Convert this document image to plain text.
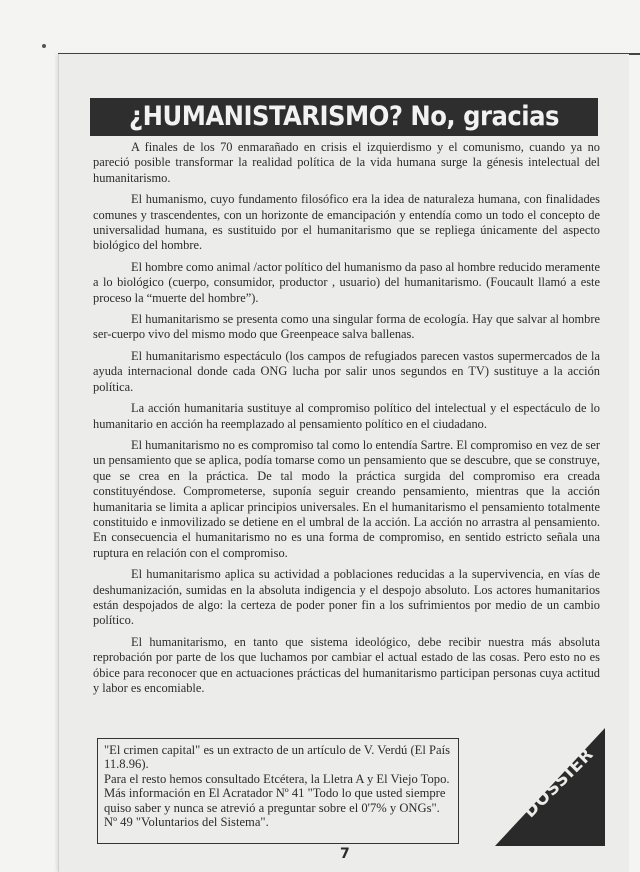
¿HUMANISTARISMO? No, gracias

A finales de los 70 enmarañado en crisis el izquierdismo y el comunismo, cuando ya no pareció posible transformar la realidad política de la vida humana surge la génesis intelectual del humanitarismo.

El humanismo, cuyo fundamento filosófico era la idea de naturaleza humana, con finalidades comunes y trascendentes, con un horizonte de emancipación y entendía como un todo el concepto de universalidad humana, es sustituido por el humanitarismo que se repliega únicamente del aspecto biológico del hombre.

El hombre como animal /actor político del humanismo da paso al hombre reducido meramente a lo biológico (cuerpo, consumidor, productor , usuario) del humanitarismo. (Foucault llamó a este proceso la “muerte del hombre”).

El humanitarismo se presenta como una singular forma de ecología. Hay que salvar al hombre ser-cuerpo vivo del mismo modo que Greenpeace salva ballenas.

El humanitarismo espectáculo (los campos de refugiados parecen vastos supermercados de la ayuda internacional donde cada ONG lucha por salir unos segundos en TV) sustituye a la acción política.

La acción humanitaria sustituye al compromiso político del intelectual y el espectáculo de lo humanitario en acción ha reemplazado al pensamiento político en el ciudadano.

El humanitarismo no es compromiso tal como lo entendía Sartre. El compromiso en vez de ser un pensamiento que se aplica, podía tomarse como un pensamiento que se descubre, que se construye, que se crea en la práctica. De tal modo la práctica surgida del compromiso era creada constituyéndose. Comprometerse, suponía seguir creando pensamiento, mientras que la acción humanitaria se limita a aplicar principios universales. En el humanitarismo el pensamiento totalmente constituido e inmovilizado se detiene en el umbral de la acción. La acción no arrastra al pensamiento. En consecuencia el humanitarismo no es una forma de compromiso, en sentido estricto señala una ruptura en relación con el compromiso.

El humanitarismo aplica su actividad a poblaciones reducidas a la supervivencia, en vías de deshumanización, sumidas en la absoluta indigencia y el despojo absoluto. Los actores humanitarios están despojados de algo: la certeza de poder poner fin a los sufrimientos por medio de un cambio político.

El humanitarismo, en tanto que sistema ideológico, debe recibir nuestra más absoluta reprobación por parte de los que luchamos por cambiar el actual estado de las cosas. Pero esto no es óbice para reconocer que en actuaciones prácticas del humanitarismo participan personas cuya actitud y labor es encomiable.

"El crimen capital" es un extracto de un artículo de V. Verdú (El País 11.8.96).
Para el resto hemos consultado Etcétera, la Lletra A y El Viejo Topo.
Más información en El Acratador Nº 41 "Todo lo que usted siempre quiso saber y nunca se atrevió a preguntar sobre el 0'7% y ONGs". Nº 49 "Voluntarios del Sistema".
DOSSIER
7
